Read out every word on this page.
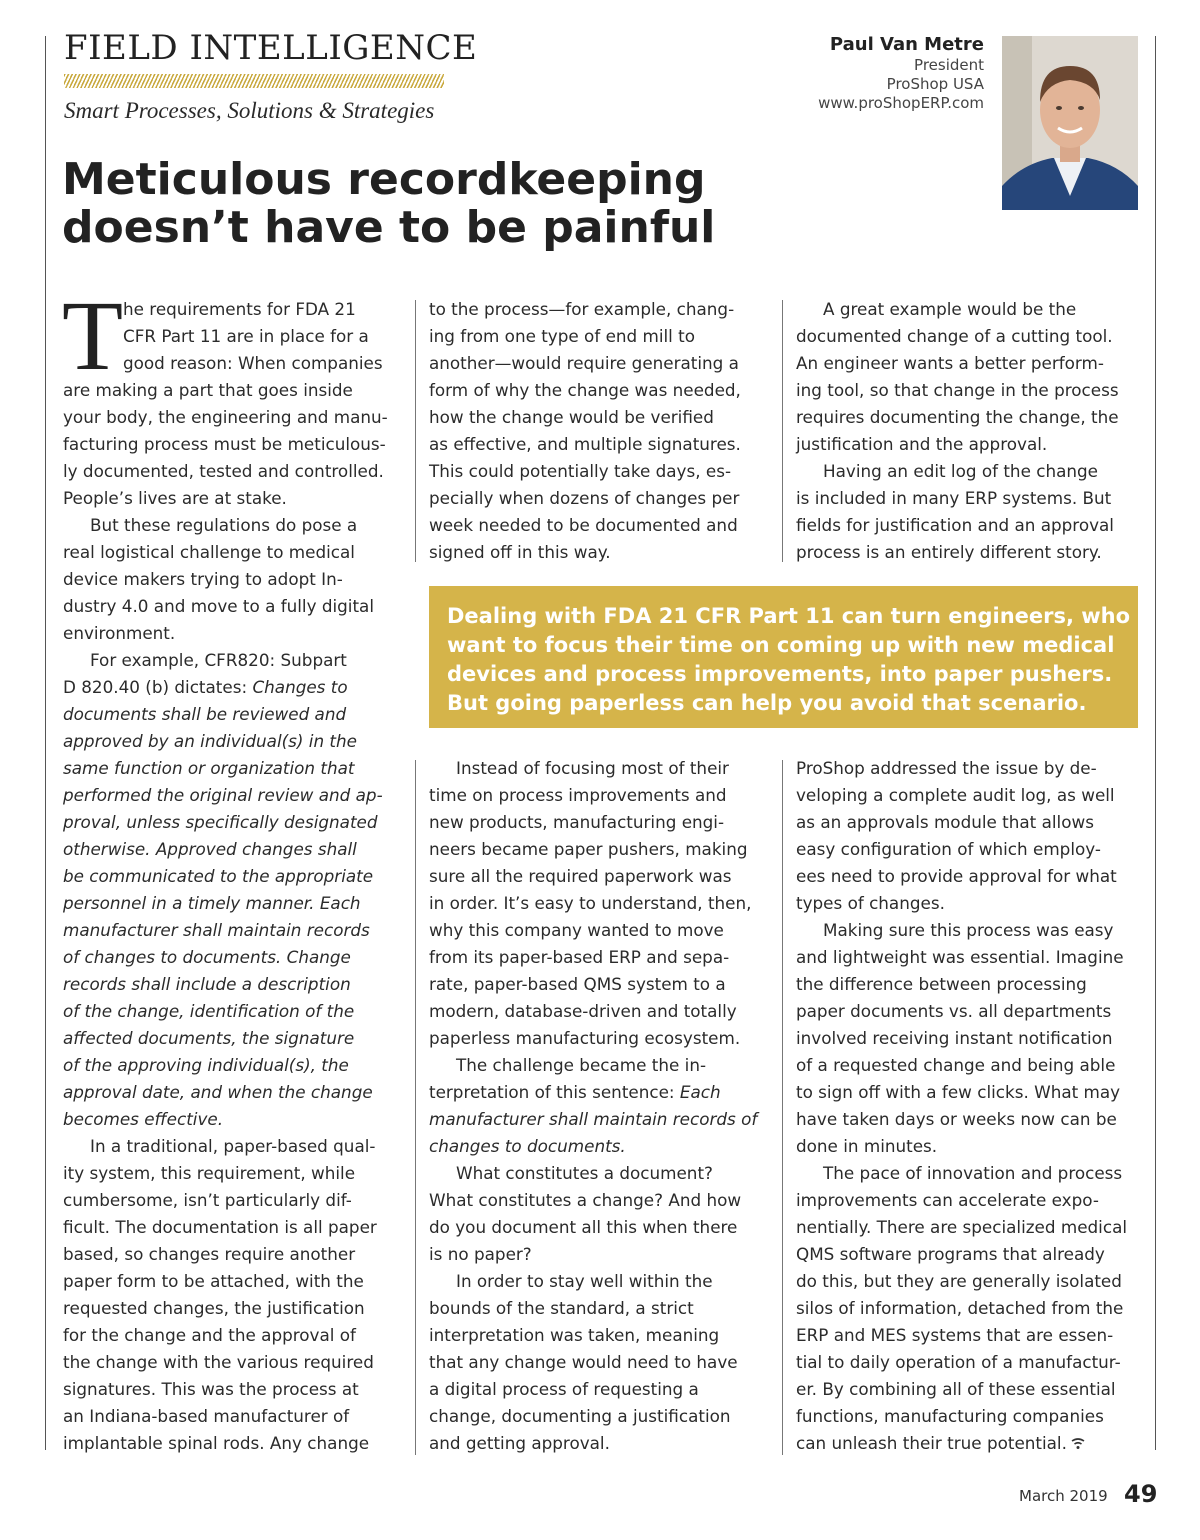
FIELD INTELLIGENCE
Smart Processes, Solutions & Strategies
Meticulous recordkeeping
doesn’t have to be painful
Paul Van Metre
President
ProShop USA
www.proShopERP.com
T he requirements for FDA 21

CFR Part 11 are in place for a

good reason: When companies

are making a part that goes inside

your body, the engineering and manu-

facturing process must be meticulous-

ly documented, tested and controlled.

People’s lives are at stake.

But these regulations do pose a

real logistical challenge to medical

device makers trying to adopt In-

dustry 4.0 and move to a fully digital

environment.

For example, CFR820: Subpart

D 820.40 (b) dictates: Changes to

documents shall be reviewed and

approved by an individual(s) in the

same function or organization that

performed the original review and ap-

proval, unless specifically designated

otherwise. Approved changes shall

be communicated to the appropriate

personnel in a timely manner. Each

manufacturer shall maintain records

of changes to documents. Change

records shall include a description

of the change, identification of the

affected documents, the signature

of the approving individual(s), the

approval date, and when the change

becomes effective.

In a traditional, paper-based qual-

ity system, this requirement, while

cumbersome, isn’t particularly dif-

ficult. The documentation is all paper

based, so changes require another

paper form to be attached, with the

requested changes, the justification

for the change and the approval of

the change with the various required

signatures. This was the process at

an Indiana-based manufacturer of

implantable spinal rods. Any change

to the process—for example, chang-

ing from one type of end mill to

another—would require generating a

form of why the change was needed,

how the change would be verified

as effective, and multiple signatures.

This could potentially take days, es-

pecially when dozens of changes per

week needed to be documented and

signed off in this way.

A great example would be the

documented change of a cutting tool.

An engineer wants a better perform-

ing tool, so that change in the process

requires documenting the change, the

justification and the approval.

Having an edit log of the change

is included in many ERP systems. But

fields for justification and an approval

process is an entirely different story.

Dealing with FDA 21 CFR Part 11 can turn engineers, who
want to focus their time on coming up with new medical
devices and process improvements, into paper pushers.
But going paperless can help you avoid that scenario.

Instead of focusing most of their

time on process improvements and

new products, manufacturing engi-

neers became paper pushers, making

sure all the required paperwork was

in order. It’s easy to understand, then,

why this company wanted to move

from its paper-based ERP and sepa-

rate, paper-based QMS system to a

modern, database-driven and totally

paperless manufacturing ecosystem.

The challenge became the in-

terpretation of this sentence: Each

manufacturer shall maintain records of

changes to documents.

What constitutes a document?

What constitutes a change? And how

do you document all this when there

is no paper?

In order to stay well within the

bounds of the standard, a strict

interpretation was taken, meaning

that any change would need to have

a digital process of requesting a

change, documenting a justification

and getting approval.

ProShop addressed the issue by de-

veloping a complete audit log, as well

as an approvals module that allows

easy configuration of which employ-

ees need to provide approval for what

types of changes.

Making sure this process was easy

and lightweight was essential. Imagine

the difference between processing

paper documents vs. all departments

involved receiving instant notification

of a requested change and being able

to sign off with a few clicks. What may

have taken days or weeks now can be

done in minutes.

The pace of innovation and process

improvements can accelerate expo-

nentially. There are specialized medical

QMS software programs that already

do this, but they are generally isolated

silos of information, detached from the

ERP and MES systems that are essen-

tial to daily operation of a manufactur-

er. By combining all of these essential

functions, manufacturing companies

can unleash their true potential.

March 2019 49
